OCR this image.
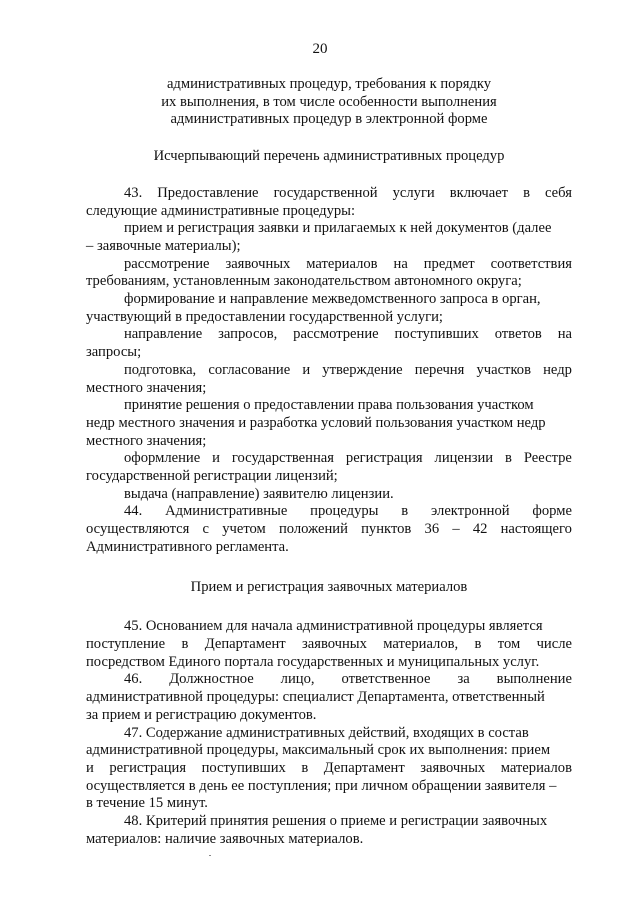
20
административных процедур, требования к порядку
их выполнения, в том числе особенности выполнения
административных процедур в электронной форме
Исчерпывающий перечень административных процедур
43. Предоставление государственной услуги включает в себя
следующие административные процедуры:
прием и регистрация заявки и прилагаемых к ней документов (далее
– заявочные материалы);
рассмотрение заявочных материалов на предмет соответствия
требованиям, установленным законодательством автономного округа;
формирование и направление межведомственного запроса в орган,
участвующий в предоставлении государственной услуги;
направление запросов, рассмотрение поступивших ответов на
запросы;
подготовка, согласование и утверждение перечня участков недр
местного значения;
принятие решения о предоставлении права пользования участком
недр местного значения и разработка условий пользования участком недр
местного значения;
оформление и государственная регистрация лицензии в Реестре
государственной регистрации лицензий;
выдача (направление) заявителю лицензии.
44. Административные процедуры в электронной форме
осуществляются с учетом положений пунктов 36 – 42 настоящего
Административного регламента.
Прием и регистрация заявочных материалов
45. Основанием для начала административной процедуры является
поступление в Департамент заявочных материалов, в том числе
посредством Единого портала государственных и муниципальных услуг.
46. Должностное лицо, ответственное за выполнение
административной процедуры: специалист Департамента, ответственный
за прием и регистрацию документов.
47. Содержание административных действий, входящих в состав
административной процедуры, максимальный срок их выполнения: прием
и регистрация поступивших в Департамент заявочных материалов
осуществляется в день ее поступления; при личном обращении заявителя –
в течение 15 минут.
48. Критерий принятия решения о приеме и регистрации заявочных
материалов: наличие заявочных материалов.
